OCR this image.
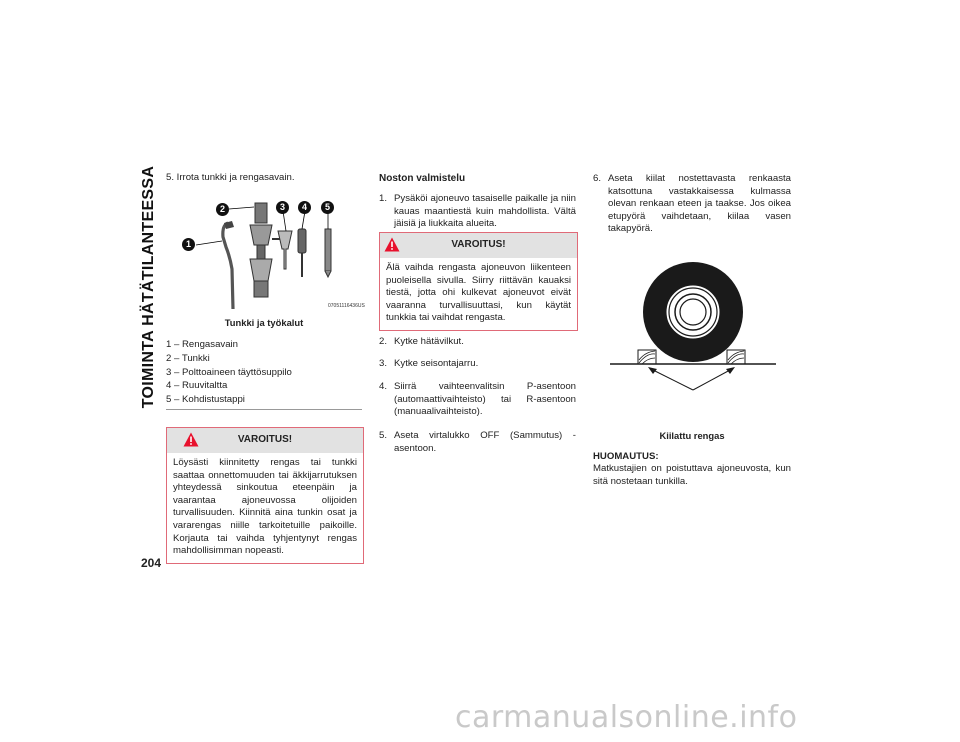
TOIMINTA HÄTÄTILANTEESSA
204
5. Irrota tunkki ja rengasavain.
1
2	3	4	5
07051116436US
Tunkki ja työkalut
1 – Rengasavain
2 – Tunkki
3 – Polttoaineen täyttösuppilo
4 – Ruuvitaltta
5 – Kohdistustappi
VAROITUS!
Löysästi kiinnitetty rengas tai tunkki saattaa onnettomuuden tai äkkijarrutuksen yhteydessä sinkoutua eteenpäin ja vaarantaa ajoneuvossa olijoiden turvallisuuden. Kiinnitä aina tunkin osat ja vararengas niille tarkoitetuille paikoille. Korjauta tai vaihda tyhjentynyt rengas mahdollisimman nopeasti.
Noston valmistelu
1. Pysäköi ajoneuvo tasaiselle paikalle ja niin kauas maantiestä kuin mahdollista. Vältä jäisiä ja liukkaita alueita.
VAROITUS!
Älä vaihda rengasta ajoneuvon liikenteen puoleisella sivulla. Siirry riittävän kauaksi tiestä, jotta ohi kulkevat ajoneuvot eivät vaaranna turvallisuuttasi, kun käytät tunkkia tai vaihdat rengasta.
2. Kytke hätävilkut.
3. Kytke seisontajarru.
4. Siirrä vaihteenvalitsin P-asentoon (automaattivaihteisto) tai R-asentoon (manuaalivaihteisto).
5. Aseta virtalukko OFF (Sammutus) -asentoon.
6. Aseta kiilat nostettavasta renkaasta katsottuna vastakkaisessa kulmassa olevan renkaan eteen ja taakse. Jos oikea etupyörä vaihdetaan, kiilaa vasen takapyörä.
Kiilattu rengas
HUOMAUTUS:
Matkustajien on poistuttava ajoneuvosta, kun sitä nostetaan tunkilla.
carmanualsonline.info
